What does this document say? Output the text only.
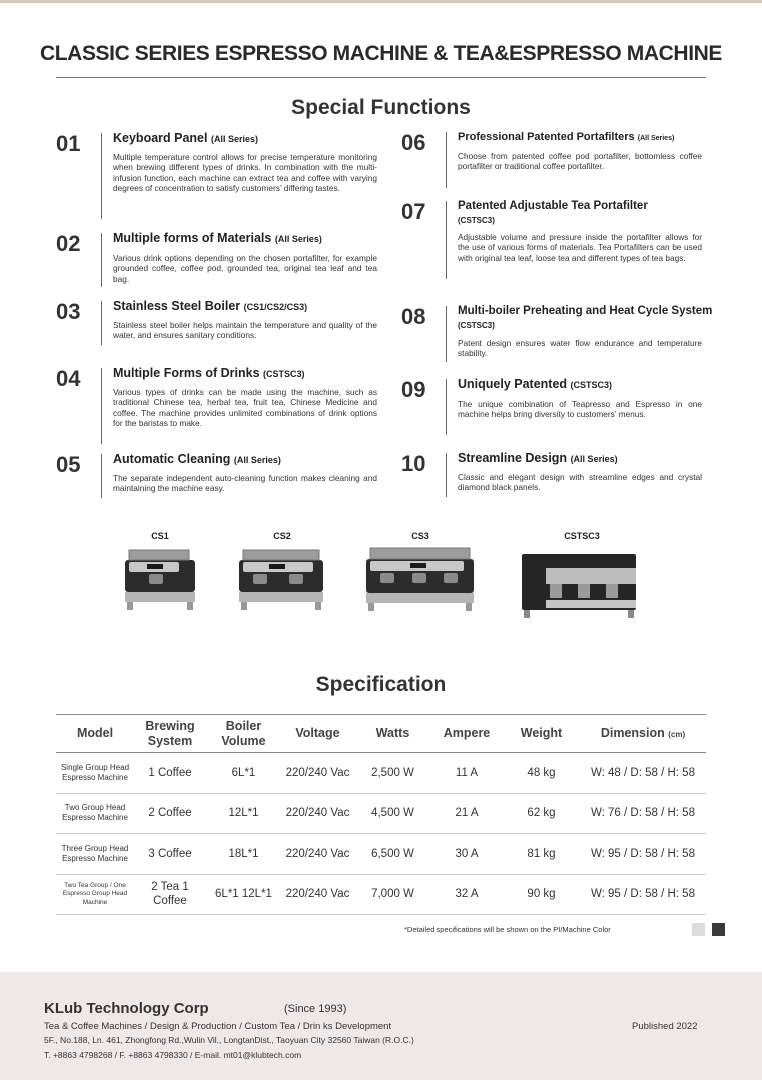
CLASSIC SERIES ESPRESSO MACHINE & TEA&ESPRESSO MACHINE
Special Functions
01	Keyboard Panel (All Series)
Multiple temperature control allows for precise temperature monitoring when brewing different types of drinks. In combination with the multi-infusion function, each machine can extract tea and coffee with varying degrees of concentration to satisfy customers’ differing tastes.
02	Multiple forms of Materials (All Series)
Various drink options depending on the chosen portafilter, for example grounded coffee, coffee pod, grounded tea, original tea leaf and tea bag.
03	Stainless Steel Boiler (CS1/CS2/CS3)
Stainless steel boiler helps maintain the temperature and quality of the water, and ensures sanitary conditions.
04	Multiple Forms of Drinks (CSTSC3)
Various types of drinks can be made using the machine, such as traditional Chinese tea, herbal tea, fruit tea, Chinese Medicine and coffee. The machine provides unlimited combinations of drink options for the baristas to make.
05	Automatic Cleaning (All Series)
The separate independent auto-cleaning function makes cleaning and maintaining the machine easy.
06	Professional Patented Portafilters (All Series)
Choose from patented coffee pod portafilter, bottomless coffee portafilter or traditional coffee portafilter.
07	Patented Adjustable Tea Portafilter
(CSTSC3)
Adjustable volume and pressure inside the portafilter allows for the use of various forms of materials. Tea Portafilters can be used with original tea leaf, loose tea and different types of tea bags.
08	Multi-boiler Preheating and Heat Cycle System (CSTSC3)
Patent design ensures water flow endurance and temperature stability.
09	Uniquely Patented (CSTSC3)
The unique combination of Teapresso and Espresso in one machine helps bring diversity to customers’ menus.
10	Streamline Design (All Series)
Classic and elegant design with streamline edges and crystal diamond black panels.
CS1	CS2	CS3	CSTSC3
Specification
Model	Brewing System	Boiler Volume	Voltage	Watts	Ampere	Weight	Dimension (cm)
Single Group Head Espresso Machine	1 Coffee	6L*1	220/240 Vac	2,500 W	11 A	48 kg	W: 48 / D: 58 / H: 58
Two Group Head Espresso Machine	2 Coffee	12L*1	220/240 Vac	4,500 W	21 A	62 kg	W: 76 / D: 58 / H: 58
Three Group Head Espresso Machine	3 Coffee	18L*1	220/240 Vac	6,500 W	30 A	81 kg	W: 95 / D: 58 / H: 58
Two Tea Group / One Espresso Group Head Machine	2 Tea 1 Coffee	6L*1 12L*1	220/240 Vac	7,000 W	32 A	90 kg	W: 95 / D: 58 / H: 58
*Detailed specifications will be shown on the PI/Machine Color
KLub Technology Corp	(Since 1993)
Tea & Coffee Machines / Design & Production / Custom Tea / Drin ks Development	Published 2022
5F., No.188, Ln. 461, Zhongfong Rd.,Wulin Vil., LongtanDist., Taoyuan City 32560 Taiwan (R.O.C.)
T. +8863 4798268 / F. +8863 4798330 / E-mail. mt01@klubtech.com
